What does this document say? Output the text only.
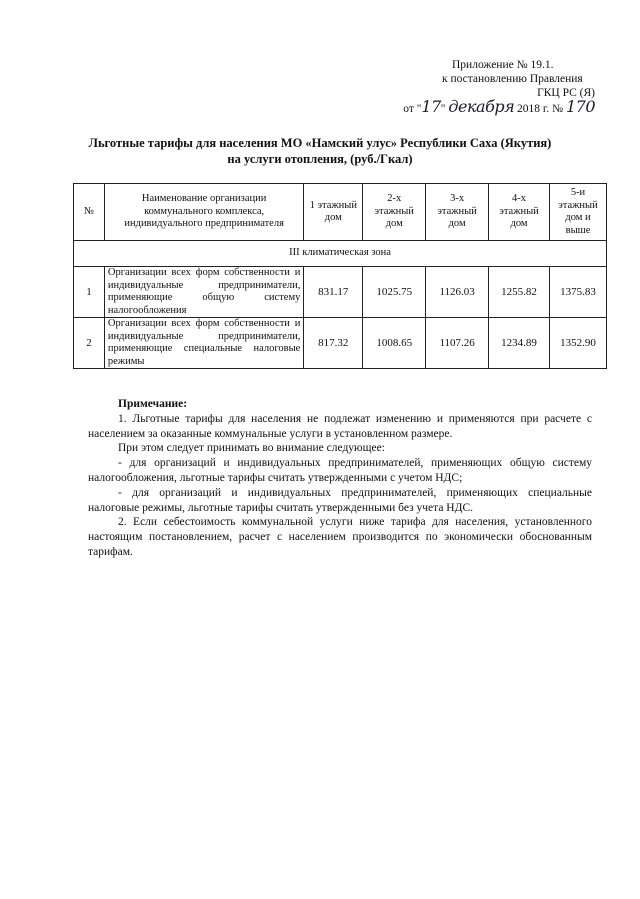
Приложение № 19.1.
к постановлению Правления
ГКЦ РС (Я)
от "17" декабря 2018 г. № 170
Льготные тарифы для населения МО «Намский улус» Республики Саха (Якутия)
на услуги отопления, (руб./Гкал)
№	Наименование организации коммунального комплекса, индивидуального предпринимателя	1 этажный дом	2-х этажный дом	3-х этажный дом	4-х этажный дом	5-и этажный дом и выше
III климатическая зона						
1	Организации всех форм собственности и индивидуальные предприниматели, применяющие общую систему налогообложения	831.17	1025.75	1126.03	1255.82	1375.83
2	Организации всех форм собственности и индивидуальные предприниматели, применяющие специальные налоговые режимы	817.32	1008.65	1107.26	1234.89	1352.90

Примечание:

1. Льготные тарифы для населения не подлежат изменению и применяются при расчете с населением за оказанные коммунальные услуги в установленном размере.

При этом следует принимать во внимание следующее:

- для организаций и индивидуальных предпринимателей, применяющих общую систему налогообложения, льготные тарифы считать утвержденными с учетом НДС;

- для организаций и индивидуальных предпринимателей, применяющих специальные налоговые режимы, льготные тарифы считать утвержденными без учета НДС.

2. Если себестоимость коммунальной услуги ниже тарифа для населения, установленного настоящим постановлением, расчет с населением производится по экономически обоснованным тарифам.
